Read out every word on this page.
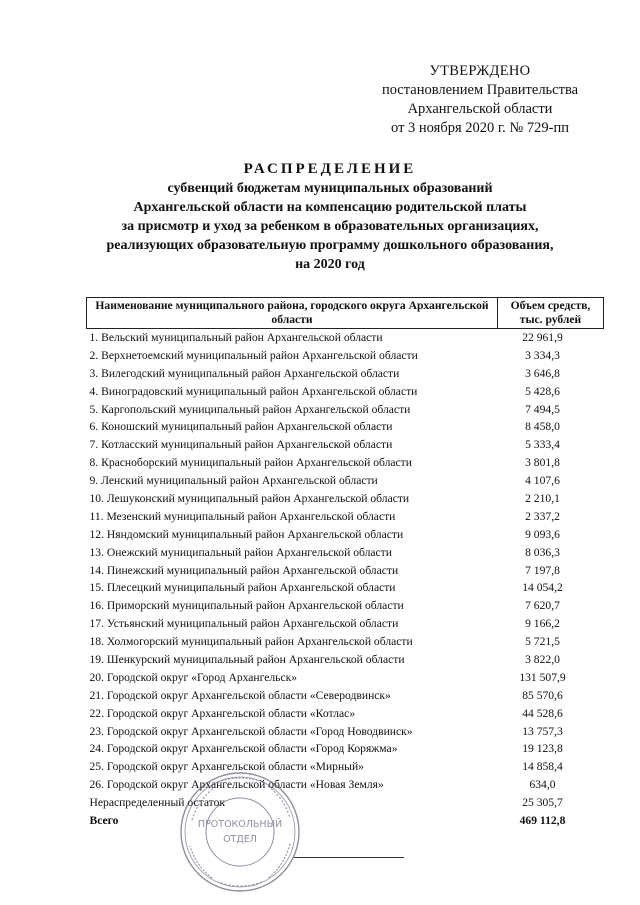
УТВЕРЖДЕНО
постановлением Правительства
Архангельской области
от 3 ноября 2020 г. № 729-пп
РАСПРЕДЕЛЕНИЕ
субвенций бюджетам муниципальных образований
Архангельской области на компенсацию родительской платы
за присмотр и уход за ребенком в образовательных организациях,
реализующих образовательную программу дошкольного образования,
на 2020 год
Наименование муниципального района, городского округа Архангельской области	Объем средств, тыс. рублей
1. Вельский муниципальный район Архангельской области	22 961,9
2. Верхнетоемский муниципальный район Архангельской области	3 334,3
3. Вилегодский муниципальный район Архангельской области	3 646,8
4. Виноградовский муниципальный район Архангельской области	5 428,6
5. Каргопольский муниципальный район Архангельской области	7 494,5
6. Коношский муниципальный район Архангельской области	8 458,0
7. Котласский муниципальный район Архангельской области	5 333,4
8. Красноборский муниципальный район Архангельской области	3 801,8
9. Ленский муниципальный район Архангельской области	4 107,6
10. Лешуконский муниципальный район Архангельской области	2 210,1
11. Мезенский муниципальный район Архангельской области	2 337,2
12. Няндомский муниципальный район Архангельской области	9 093,6
13. Онежский муниципальный район Архангельской области	8 036,3
14. Пинежский муниципальный район Архангельской области	7 197,8
15. Плесецкий муниципальный район Архангельской области	14 054,2
16. Приморский муниципальный район Архангельской области	7 620,7
17. Устьянский муниципальный район Архангельской области	9 166,2
18. Холмогорский муниципальный район Архангельской области	5 721,5
19. Шенкурский муниципальный район Архангельской области	3 822,0
20. Городской округ «Город Архангельск»	131 507,9
21. Городской округ Архангельской области «Северодвинск»	85 570,6
22. Городской округ Архангельской области «Котлас»	44 528,6
23. Городской округ Архангельской области «Город Новодвинск»	13 757,3
24. Городской округ Архангельской области «Город Коряжма»	19 123,8
25. Городской округ Архангельской области «Мирный»	14 858,4
26. Городской округ Архангельской области «Новая Земля»	634,0
Нераспределенный остаток	25 305,7
Всего	469 112,8
ПРОТОКОЛЬНЫЙ
ОТДЕЛ
